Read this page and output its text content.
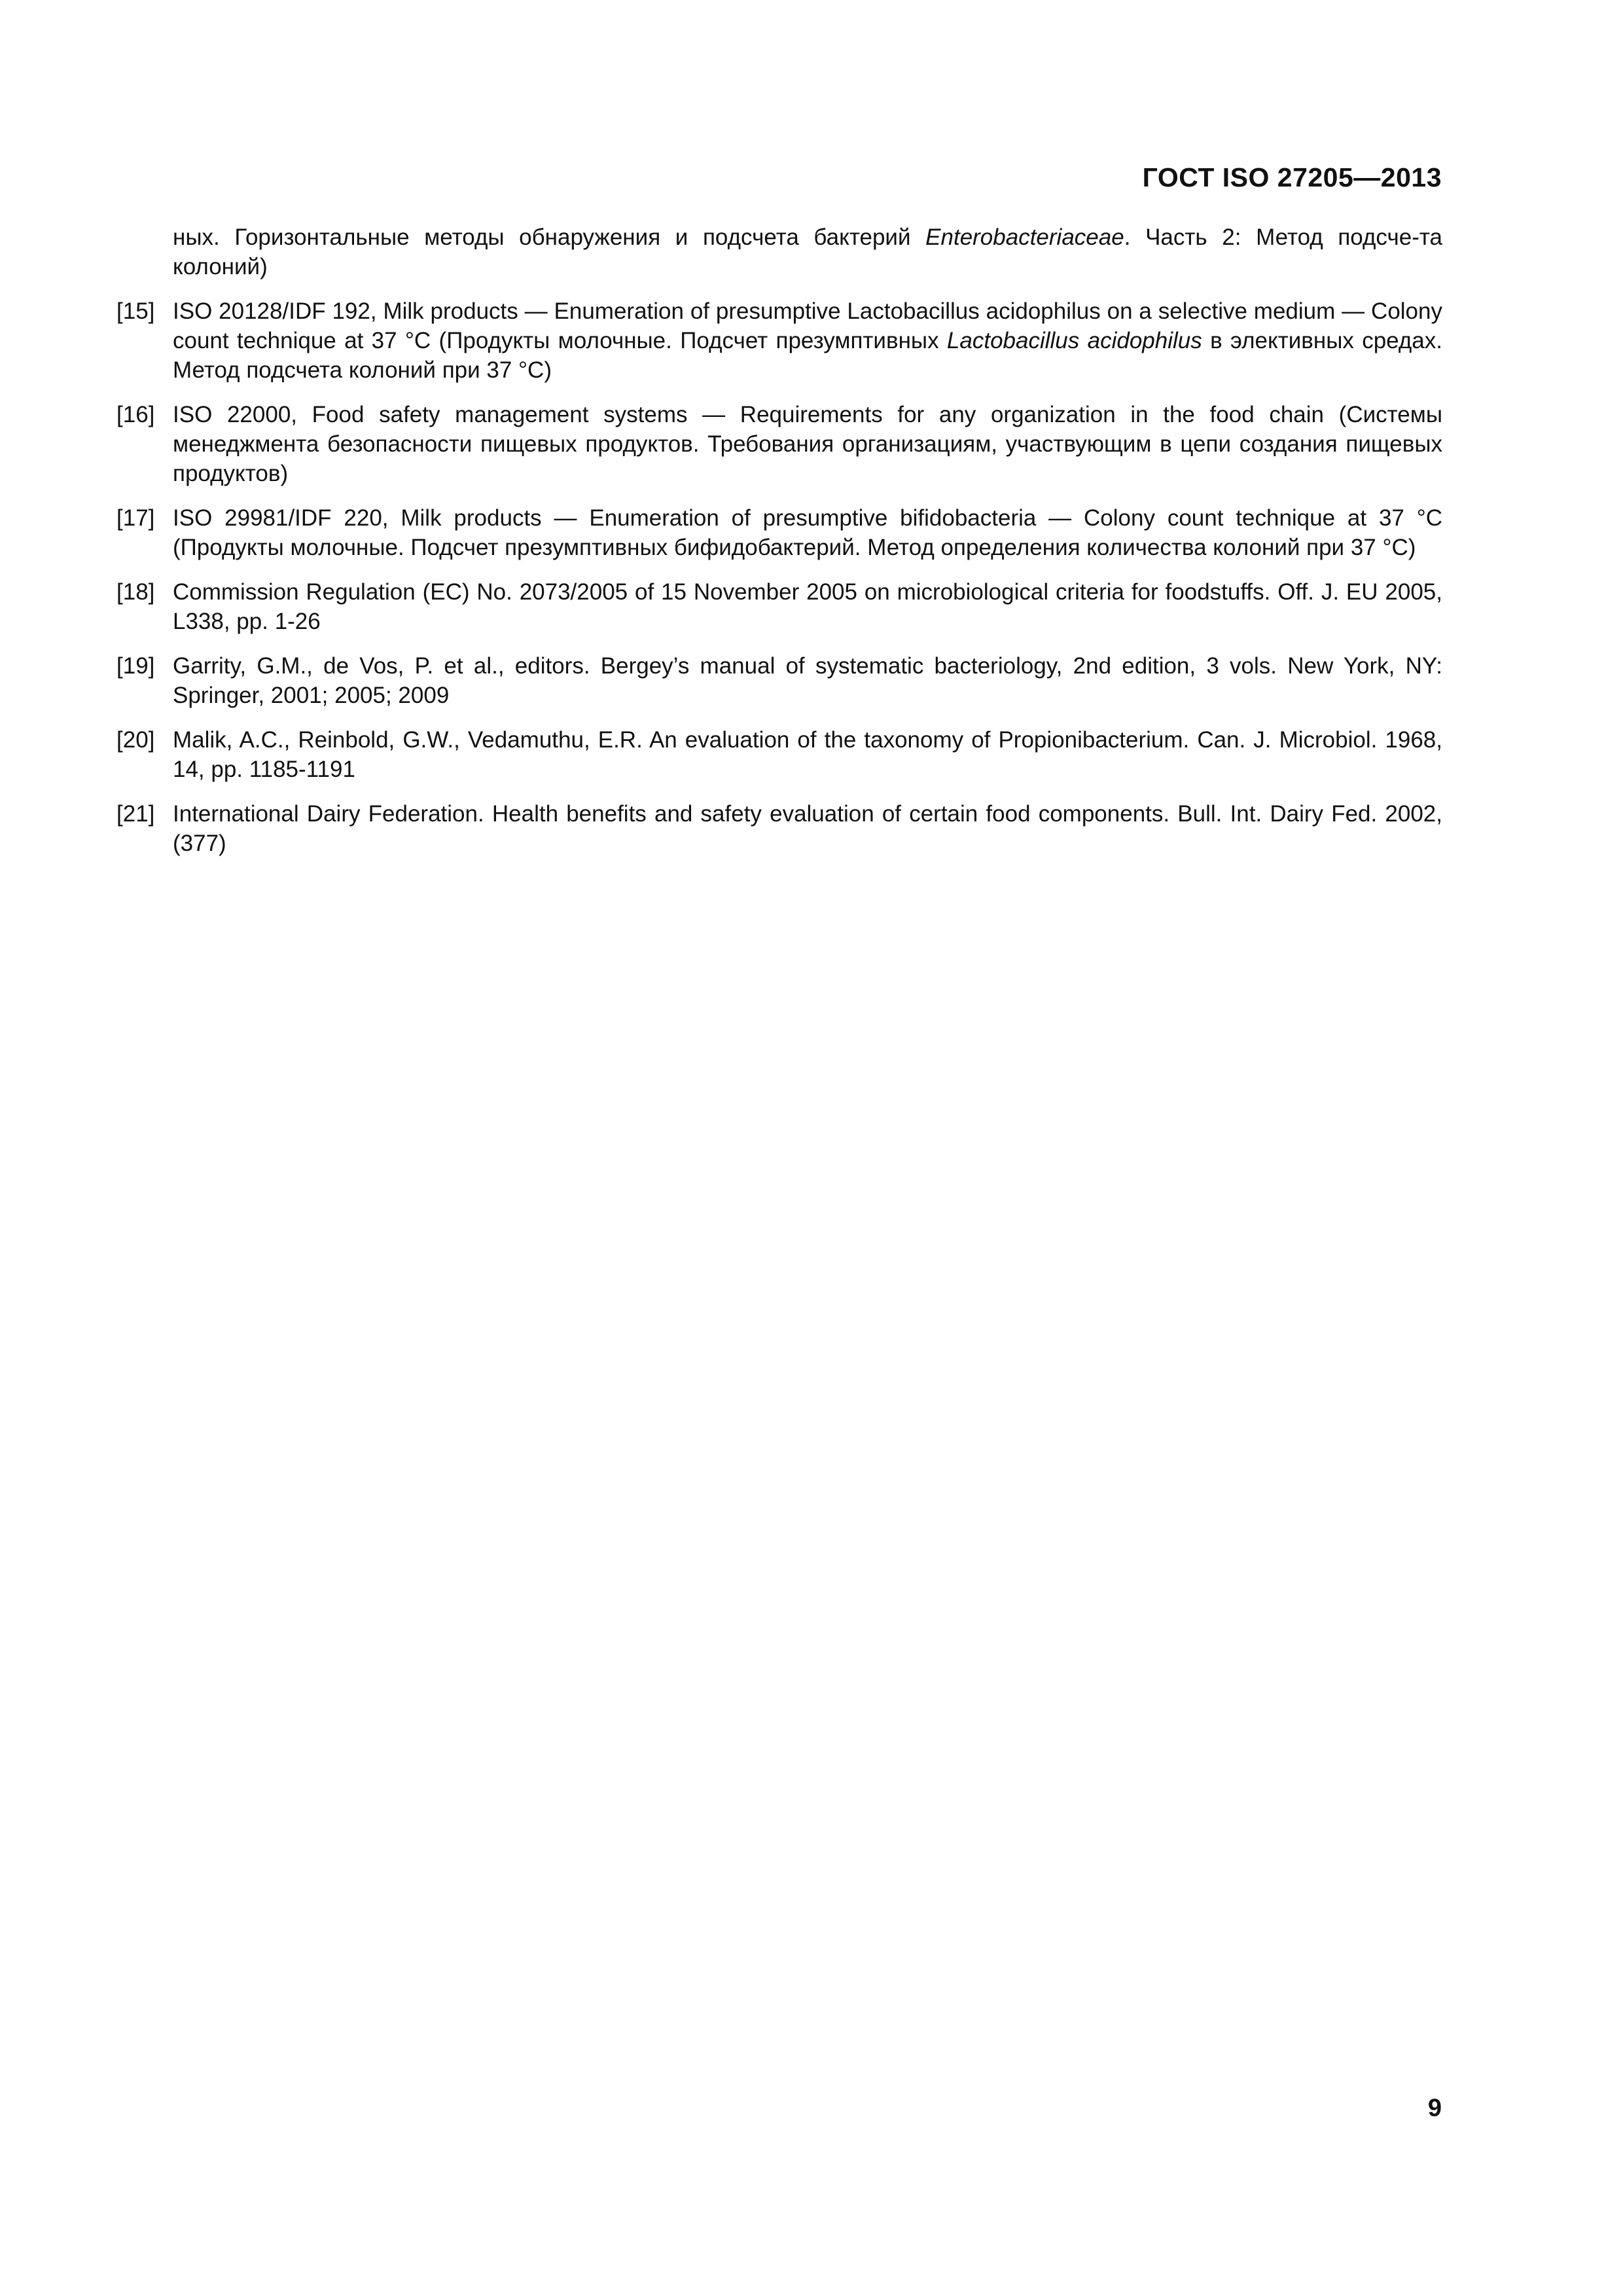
ГОСТ ISO 27205—2013
ных. Горизонтальные методы обнаружения и подсчета бактерий Enterobacteriaceae. Часть 2: Метод подсче-та колоний)
[15] ISO 20128/IDF 192, Milk products — Enumeration of presumptive Lactobacillus acidophilus on a selective medium — Colony count technique at 37 °C (Продукты молочные. Подсчет презумптивных Lactobacillus acidophilus в элективных средах. Метод подсчета колоний при 37 °C)
[16] ISO 22000, Food safety management systems — Requirements for any organization in the food chain (Системы менеджмента безопасности пищевых продуктов. Требования организациям, участвующим в цепи создания пищевых продуктов)
[17] ISO 29981/IDF 220, Milk products — Enumeration of presumptive bifidobacteria — Colony count technique at 37 °C (Продукты молочные. Подсчет презумптивных бифидобактерий. Метод определения количества колоний при 37 °C)
[18] Commission Regulation (EC) No. 2073/2005 of 15 November 2005 on microbiological criteria for foodstuffs. Off. J. EU 2005, L338, pp. 1-26
[19] Garrity, G.M., de Vos, P. et al., editors. Bergey’s manual of systematic bacteriology, 2nd edition, 3 vols. New York, NY: Springer, 2001; 2005; 2009
[20] Malik, A.C., Reinbold, G.W., Vedamuthu, E.R. An evaluation of the taxonomy of Propionibacterium. Can. J. Microbiol. 1968, 14, pp. 1185-1191
[21] International Dairy Federation. Health benefits and safety evaluation of certain food components. Bull. Int. Dairy Fed. 2002, (377)
9
